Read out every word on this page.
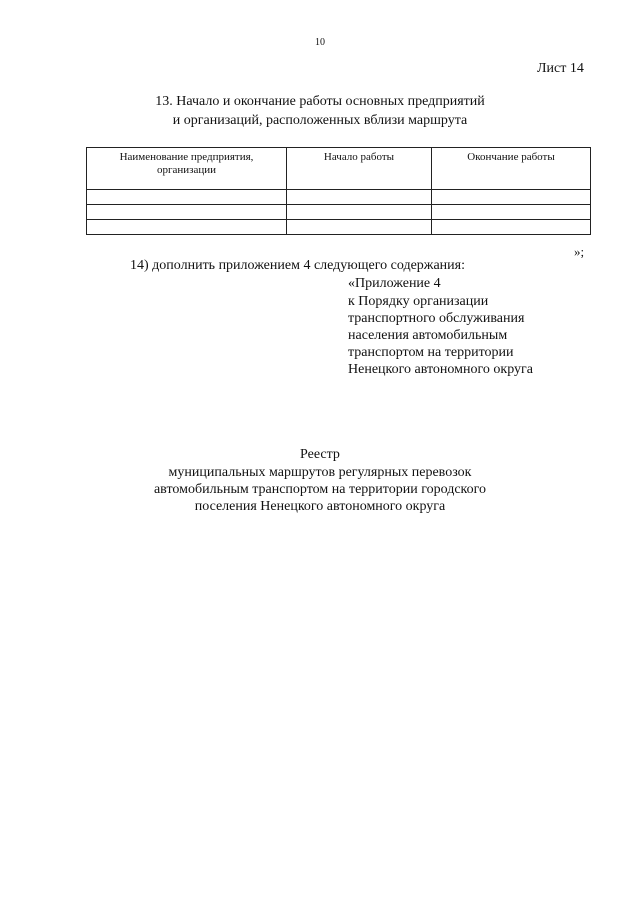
10
Лист 14
13. Начало и окончание работы основных предприятий
и организаций, расположенных вблизи маршрута
Наименование предприятия,
организации	Начало работы	Окончание работы

»;
14) дополнить приложением 4 следующего содержания:
«Приложение 4
к Порядку организации
транспортного обслуживания
населения автомобильным
транспортом на территории
Ненецкого автономного округа
Реестр
муниципальных маршрутов регулярных перевозок
автомобильным транспортом на территории городского
поселения Ненецкого автономного округа
